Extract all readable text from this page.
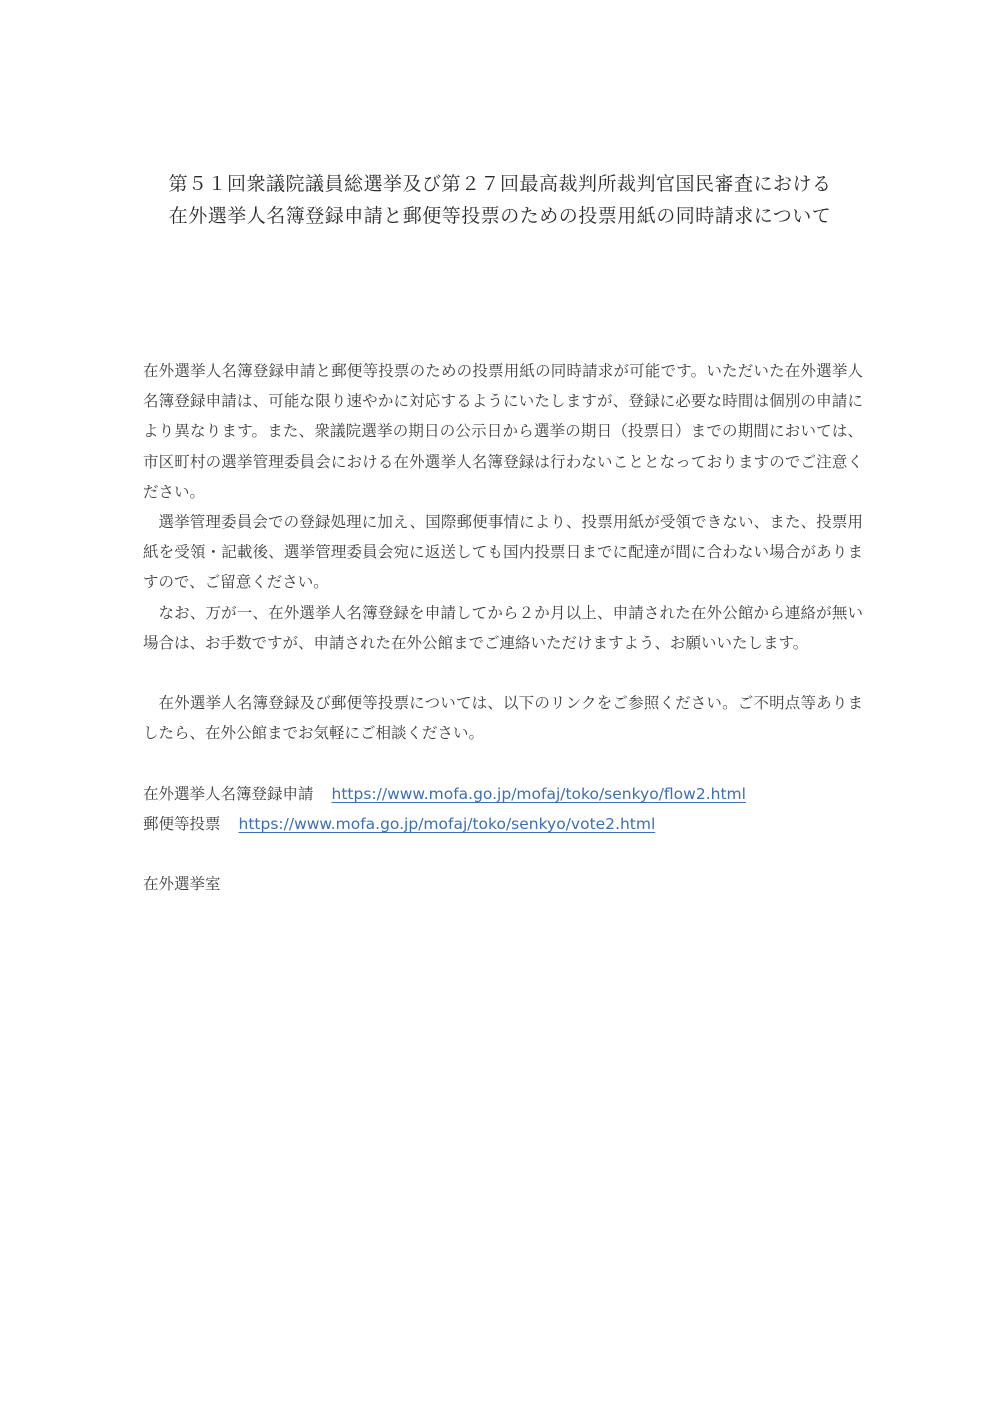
第５１回衆議院議員総選挙及び第２７回最高裁判所裁判官国民審査における
在外選挙人名簿登録申請と郵便等投票のための投票用紙の同時請求について

在外選挙人名簿登録申請と郵便等投票のための投票用紙の同時請求が可能です。いただいた在外選挙人名簿登録申請は、可能な限り速やかに対応するようにいたしますが、登録に必要な時間は個別の申請により異なります。また、衆議院選挙の期日の公示日から選挙の期日（投票日）までの期間においては、市区町村の選挙管理委員会における在外選挙人名簿登録は行わないこととなっておりますのでご注意ください。

選挙管理委員会での登録処理に加え、国際郵便事情により、投票用紙が受領できない、また、投票用紙を受領・記載後、選挙管理委員会宛に返送しても国内投票日までに配達が間に合わない場合がありますので、ご留意ください。

なお、万が一、在外選挙人名簿登録を申請してから２か月以上、申請された在外公館から連絡が無い場合は、お手数ですが、申請された在外公館までご連絡いただけますよう、お願いいたします。

在外選挙人名簿登録及び郵便等投票については、以下のリンクをご参照ください。ご不明点等ありましたら、在外公館までお気軽にご相談ください。

在外選挙人名簿登録申請 https://www.mofa.go.jp/mofaj/toko/senkyo/flow2.html
郵便等投票 https://www.mofa.go.jp/mofaj/toko/senkyo/vote2.html
在外選挙室
